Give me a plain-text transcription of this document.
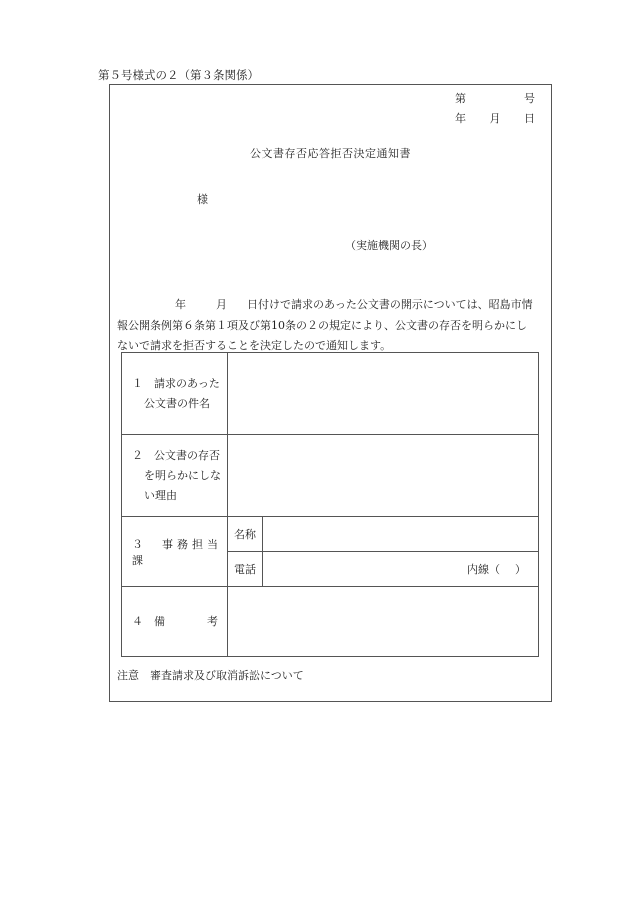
第５号様式の２（第３条関係）
第	号
年 月 日
公文書存否応答拒否決定通知書
様
（実施機関の長）
年	月 日付けで請求のあった公文書の開示については、昭島市情
報公開条例第６条第１項及び第10条の２の規定により、公文書の存否を明らかにし
ないで請求を拒否することを決定したので通知します。
１　請求のあった
公文書の件名		

２　公文書の存否
を明らかにしな
い理由		

３　事務担当課	名称	
	電話	内線（ ）

４　備 考		

注意　審査請求及び取消訴訟について
